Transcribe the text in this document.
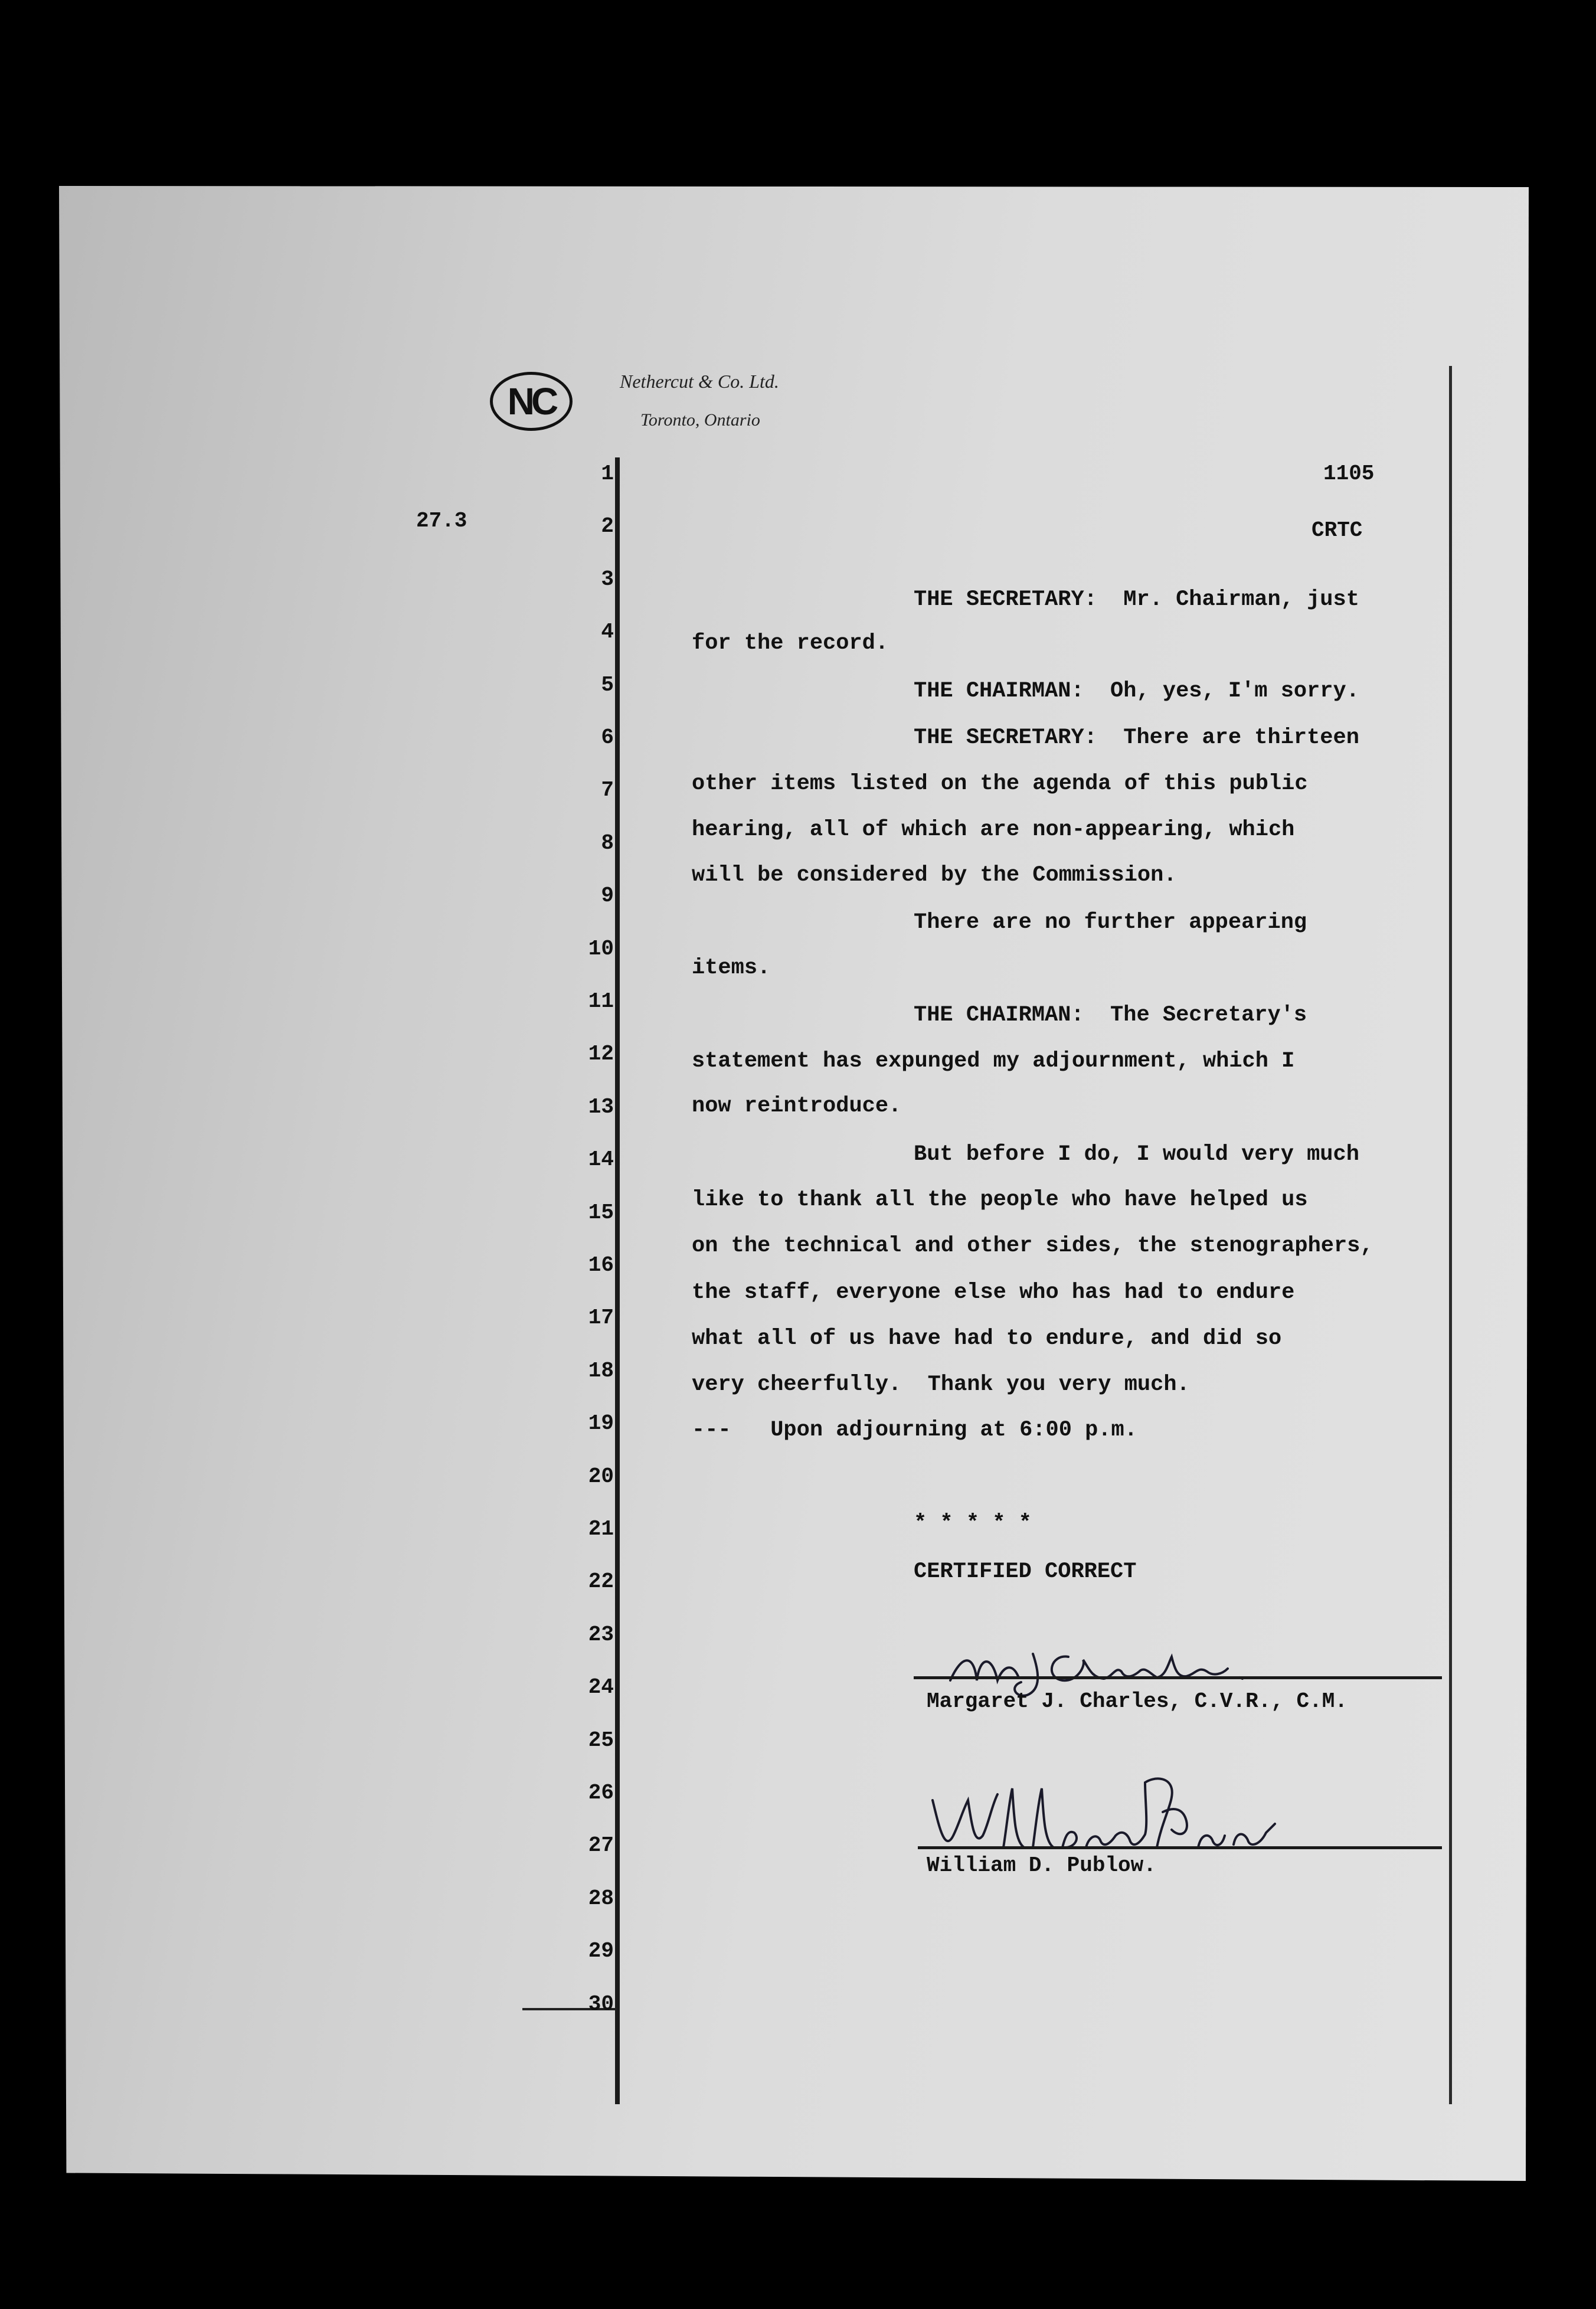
NC	Nethercut & Co. Ltd.
Toronto, Ontario
27.3
1105
CRTC
1
2
3
4
5
6
7
8
9
10
11
12
13
14
15
16
17
18
19
20
21
22
23
24
25
26
27
28
29
30
THE SECRETARY:  Mr. Chairman, just
for the record.
THE CHAIRMAN:  Oh, yes, I'm sorry.
THE SECRETARY:  There are thirteen
other items listed on the agenda of this public
hearing, all of which are non-appearing, which
will be considered by the Commission.
There are no further appearing
items.
THE CHAIRMAN:  The Secretary's
statement has expunged my adjournment, which I
now reintroduce.
But before I do, I would very much
like to thank all the people who have helped us
on the technical and other sides, the stenographers,
the staff, everyone else who has had to endure
what all of us have had to endure, and did so
very cheerfully.  Thank you very much.
---   Upon adjourning at 6:00 p.m.
* * * * *
CERTIFIED CORRECT
Margaret J. Charles, C.V.R., C.M.
William D. Publow.
